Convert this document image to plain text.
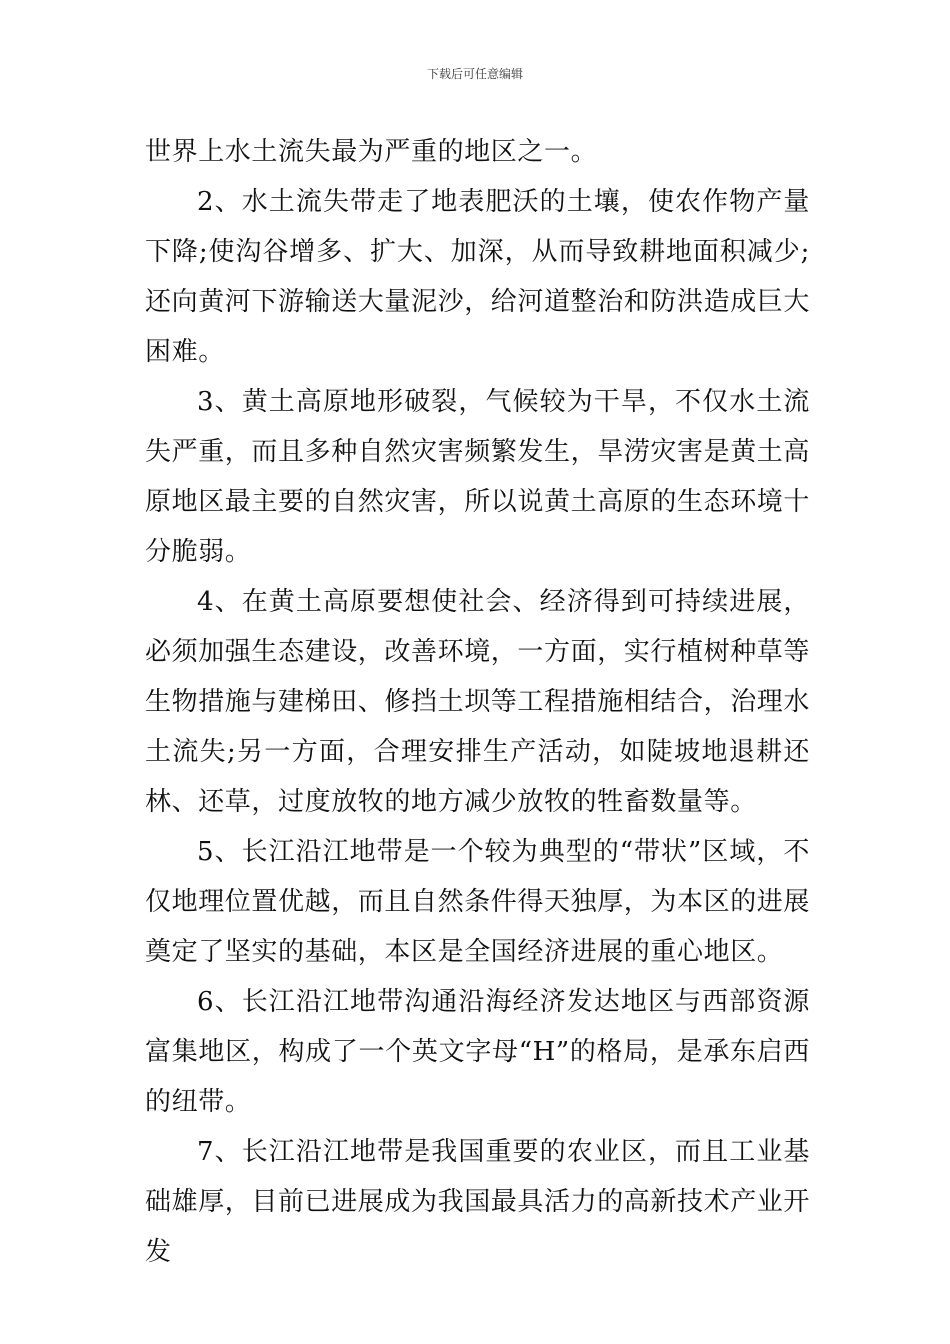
下载后可任意编辑

世界上水土流失最为严重的地区之一。

2、水土流失带走了地表肥沃的土壤，使农作物产量下降;使沟谷增多、扩大、加深，从而导致耕地面积减少;还向黄河下游输送大量泥沙，给河道整治和防洪造成巨大困难。

3、黄土高原地形破裂，气候较为干旱，不仅水土流失严重，而且多种自然灾害频繁发生，旱涝灾害是黄土高原地区最主要的自然灾害，所以说黄土高原的生态环境十分脆弱。

4、在黄土高原要想使社会、经济得到可持续进展，必须加强生态建设，改善环境，一方面，实行植树种草等生物措施与建梯田、修挡土坝等工程措施相结合，治理水土流失;另一方面，合理安排生产活动，如陡坡地退耕还林、还草，过度放牧的地方减少放牧的牲畜数量等。

5、长江沿江地带是一个较为典型的“带状”区域，不仅地理位置优越，而且自然条件得天独厚，为本区的进展奠定了坚实的基础，本区是全国经济进展的重心地区。

6、长江沿江地带沟通沿海经济发达地区与西部资源富集地区，构成了一个英文字母“H”的格局，是承东启西的纽带。

7、长江沿江地带是我国重要的农业区，而且工业基础雄厚，目前已进展成为我国最具活力的高新技术产业开发
